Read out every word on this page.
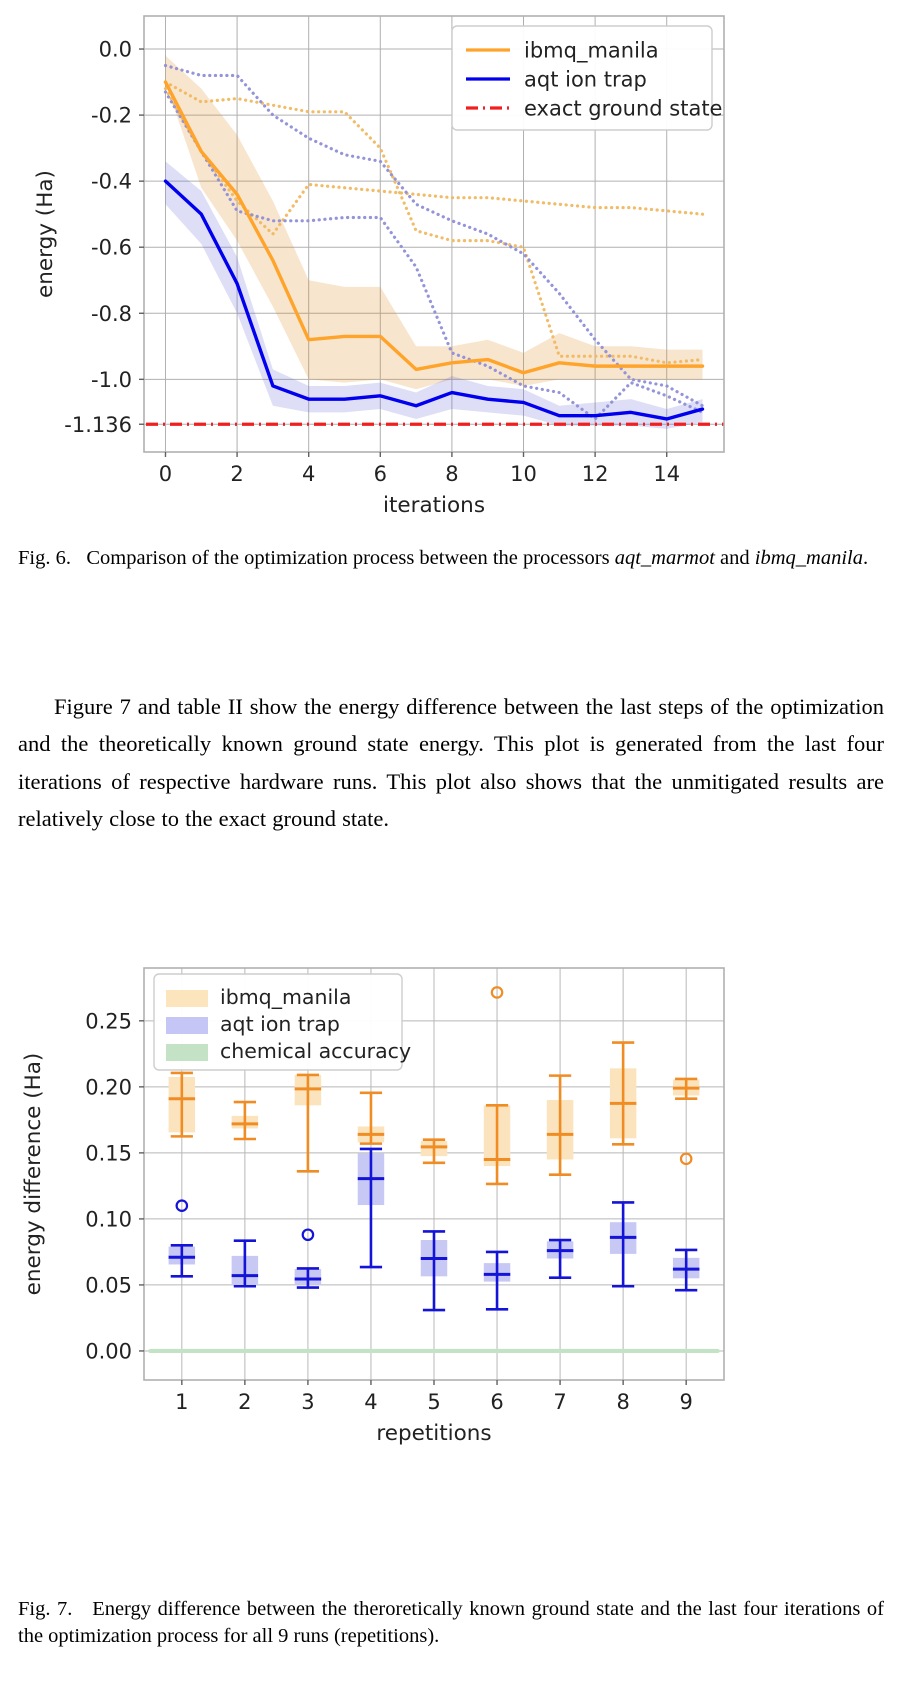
0	2	4	6	8 10 12 14
0.0
-0.2
-0.4
-0.6
-0.8
-1.0
-1.136
iterations
energy (Ha)
ibmq_manila
aqt ion trap
exact ground state
Fig. 6. Comparison of the optimization process between the processors aqt_marmot and ibmq_manila.

Figure 7 and table II show the energy difference between the last steps of the optimization and the theoretically known ground state energy. This plot is generated from the last four iterations of respective hardware runs. This plot also shows that the unmitigated results are relatively close to the exact ground state.

1 2 3 4 5 6 7 8 9
0.25
0.20
0.15
0.10
0.05
0.00
repetitions
energy difference (Ha)
ibmq_manila
aqt ion trap
chemical accuracy
Fig. 7. Energy difference between the theroretically known ground state and the last four iterations of the optimization process for all 9 runs (repetitions).
